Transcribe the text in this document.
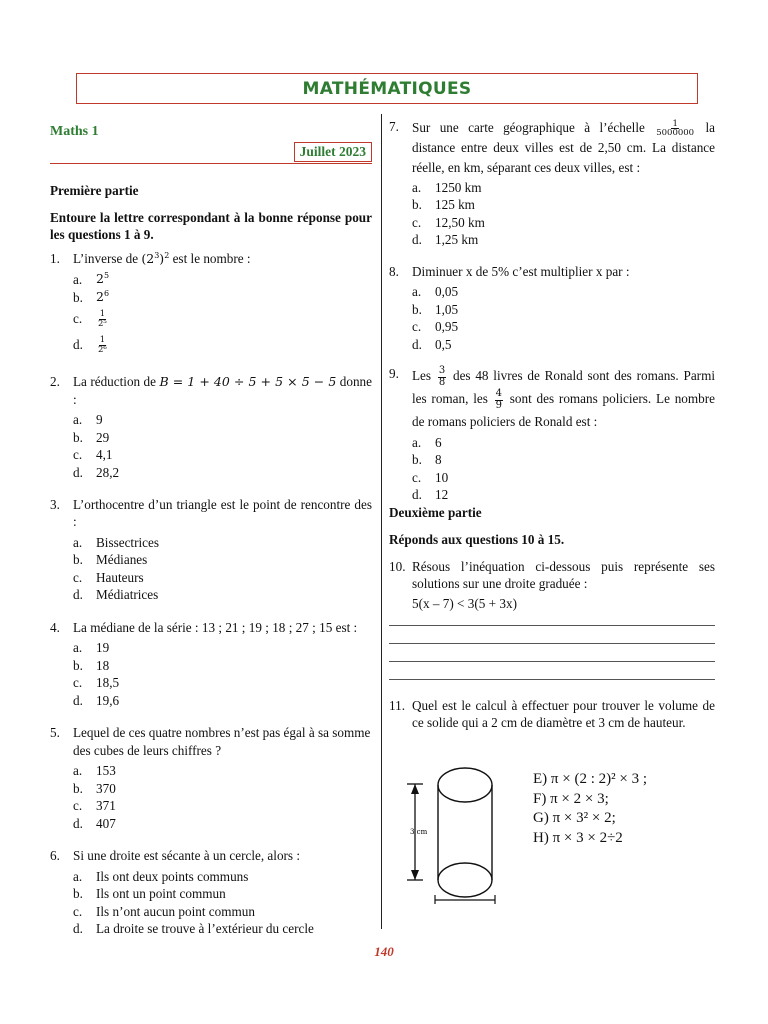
MATHÉMATIQUES
Maths 1
Juillet 2023
Première partie
Entoure la lettre correspondant à la bonne réponse pour les questions 1 à 9.
1. L’inverse de $(2^3)^2$ est le nombre :
a.	$2^5$
b.	$2^6$
c.	$\frac{1}{\text{2⁵}}$
d.	$\frac{1}{\text{2⁶}}$
2. La réduction de B = 1 + 40 ÷ 5 + 5 × 5 − 5 donne :
a.	9
b. 29
c.	4,1
d. 28,2
3. L’orthocentre d’un triangle est le point de rencontre des :
a.	Bissectrices
b. Médianes
c.	Hauteurs
d. Médiatrices
4. La médiane de la série : 13 ; 21 ; 19 ; 18 ; 27 ; 15 est :
a.	19
b. 18
c.	18,5
d. 19,6
5. Lequel de ces quatre nombres n’est pas égal à sa somme des cubes de leurs chiffres ?
a.	153
b. 370
c.	371
d. 407
6. Si une droite est sécante à un cercle, alors :
a.	Ils ont deux points communs
b. Ils ont un point commun
c.	Ils n’ont aucun point commun
d. La droite se trouve à l’extérieur du cercle
7. Sur une carte géographique à l’échelle $\frac{1}{5000000}$ la distance entre deux villes est de 2,50 cm. La distance réelle, en km, séparant ces deux villes, est :
a.	1250 km
b. 125 km
c.	12,50 km
d. 1,25 km
8. Diminuer x de 5% c’est multiplier x par :
a.	0,05
b. 1,05
c.	0,95
d. 0,5
9. Les $\frac{3}{8}$ des 48 livres de Ronald sont des romans. Parmi les roman, les $\frac{4}{9}$ sont des romans policiers. Le nombre de romans policiers de Ronald est :
a.	6
b. 8
c.	10
d. 12
Deuxième partie
Réponds aux questions 10 à 15.
10. Résous l’inéquation ci-dessous puis représente ses solutions sur une droite graduée :
5(x – 7) < 3(5 + 3x)
11. Quel est le calcul à effectuer pour trouver le volume de ce solide qui a 2 cm de diamètre et 3 cm de hauteur.
3 cm
E) π × (2 : 2)² × 3 ;
F) π × 2 × 3;
G) π × 3² × 2;
H) π × 3 × 2÷2
140
